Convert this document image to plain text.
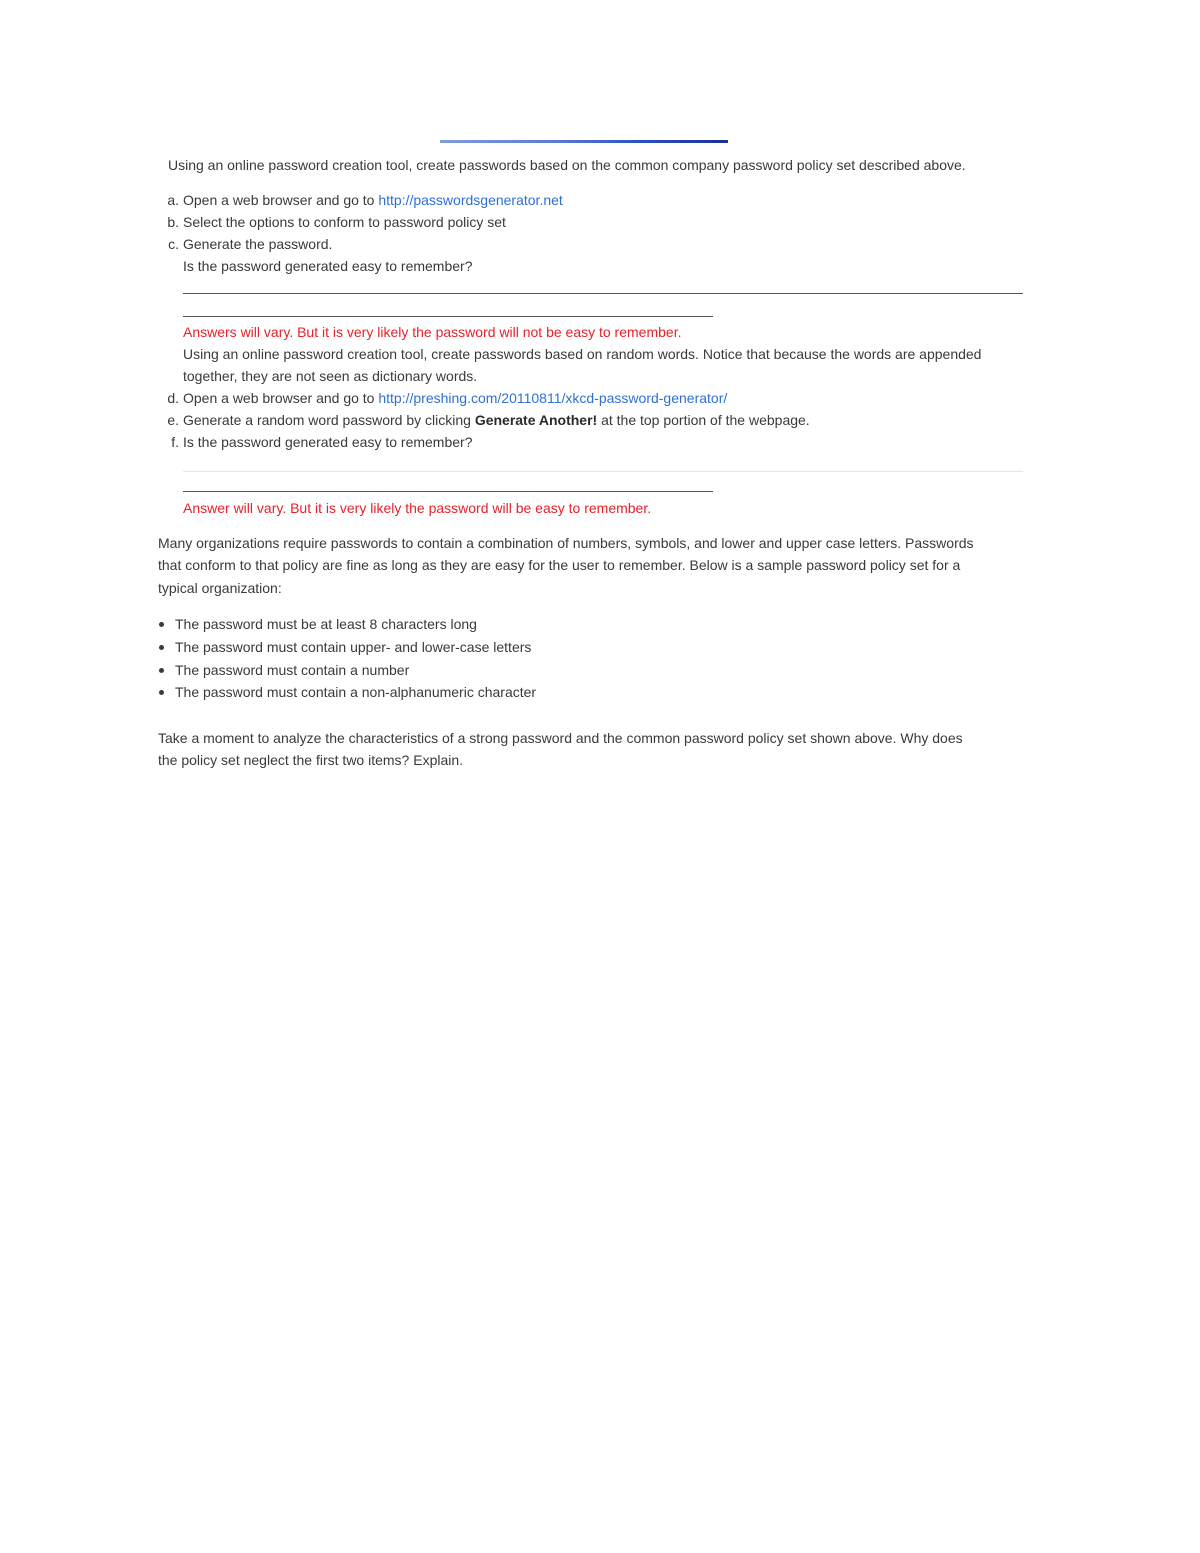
Using an online password creation tool, create passwords based on the common company password policy set described above.
a. Open a web browser and go to http://passwordsgenerator.net
b. Select the options to conform to password policy set
c. Generate the password.
Is the password generated easy to remember?
Answers will vary. But it is very likely the password will not be easy to remember.
Using an online password creation tool, create passwords based on random words. Notice that because the words are appended
together, they are not seen as dictionary words.
d. Open a web browser and go to http://preshing.com/20110811/xkcd-password-generator/
e. Generate a random word password by clicking Generate Another! at the top portion of the webpage.
f. Is the password generated easy to remember?
Answer will vary. But it is very likely the password will be easy to remember.
Many organizations require passwords to contain a combination of numbers, symbols, and lower and upper case letters. Passwords
that conform to that policy are fine as long as they are easy for the user to remember. Below is a sample password policy set for a
typical organization:
The password must be at least 8 characters long
The password must contain upper- and lower-case letters
The password must contain a number
The password must contain a non-alphanumeric character
Take a moment to analyze the characteristics of a strong password and the common password policy set shown above. Why does
the policy set neglect the first two items? Explain.
